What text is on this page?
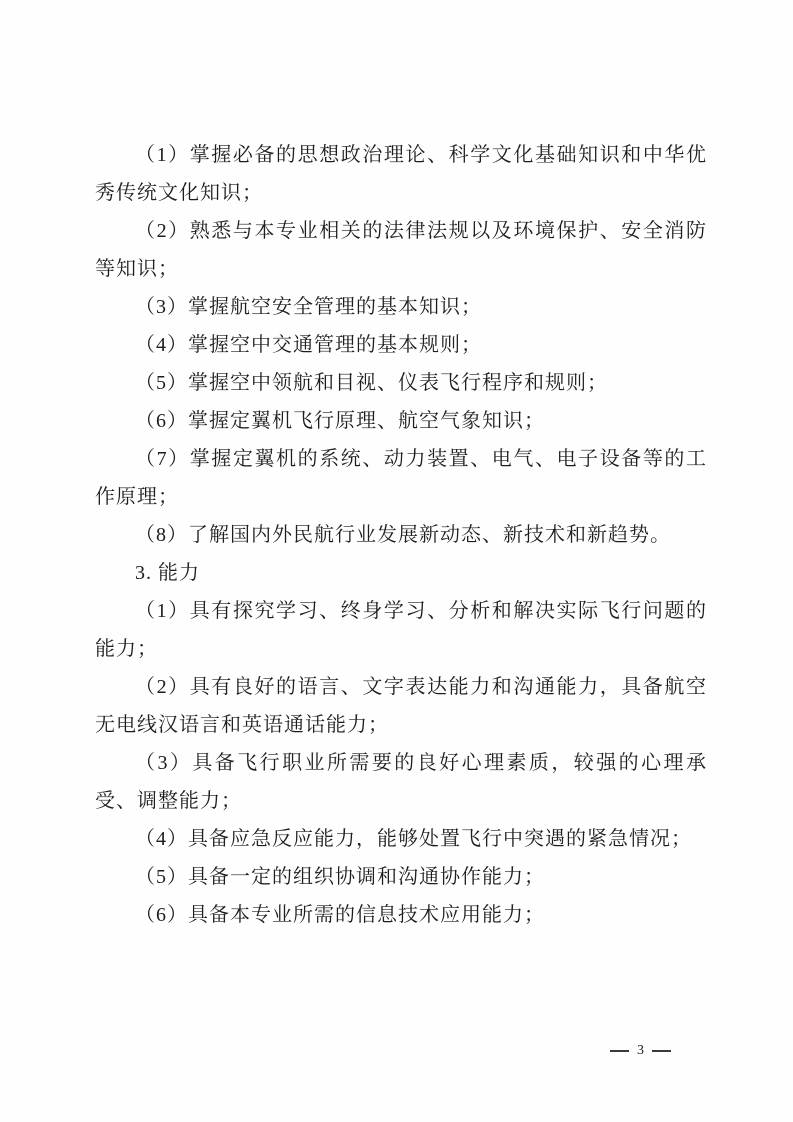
（1）掌握必备的思想政治理论、科学文化基础知识和中华优秀传统文化知识；

（2）熟悉与本专业相关的法律法规以及环境保护、安全消防等知识；

（3）掌握航空安全管理的基本知识；

（4）掌握空中交通管理的基本规则；

（5）掌握空中领航和目视、仪表飞行程序和规则；

（6）掌握定翼机飞行原理、航空气象知识；

（7）掌握定翼机的系统、动力装置、电气、电子设备等的工作原理；

（8）了解国内外民航行业发展新动态、新技术和新趋势。

3. 能力

（1）具有探究学习、终身学习、分析和解决实际飞行问题的能力；

（2）具有良好的语言、文字表达能力和沟通能力，具备航空无电线汉语言和英语通话能力；

（3）具备飞行职业所需要的良好心理素质，较强的心理承受、调整能力；

（4）具备应急反应能力，能够处置飞行中突遇的紧急情况；

（5）具备一定的组织协调和沟通协作能力；

（6）具备本专业所需的信息技术应用能力；

3
